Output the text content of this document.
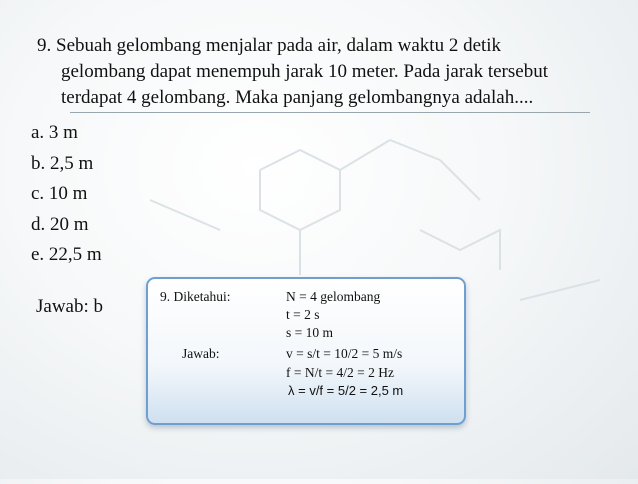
9. Sebuah gelombang menjalar pada air, dalam waktu 2 detik
gelombang dapat menempuh jarak 10 meter. Pada jarak tersebut
terdapat 4 gelombang. Maka panjang gelombangnya adalah....
a. 3 m
b. 2,5 m
c. 10 m
d. 20 m
e. 22,5 m
Jawab: b	9. Diketahui:	N = 4 gelombang
t = 2 s
s = 10 m
Jawab:	v = s/t = 10/2 = 5 m/s
f = N/t = 4/2 = 2 Hz
λ = v/f = 5/2 = 2,5 m
